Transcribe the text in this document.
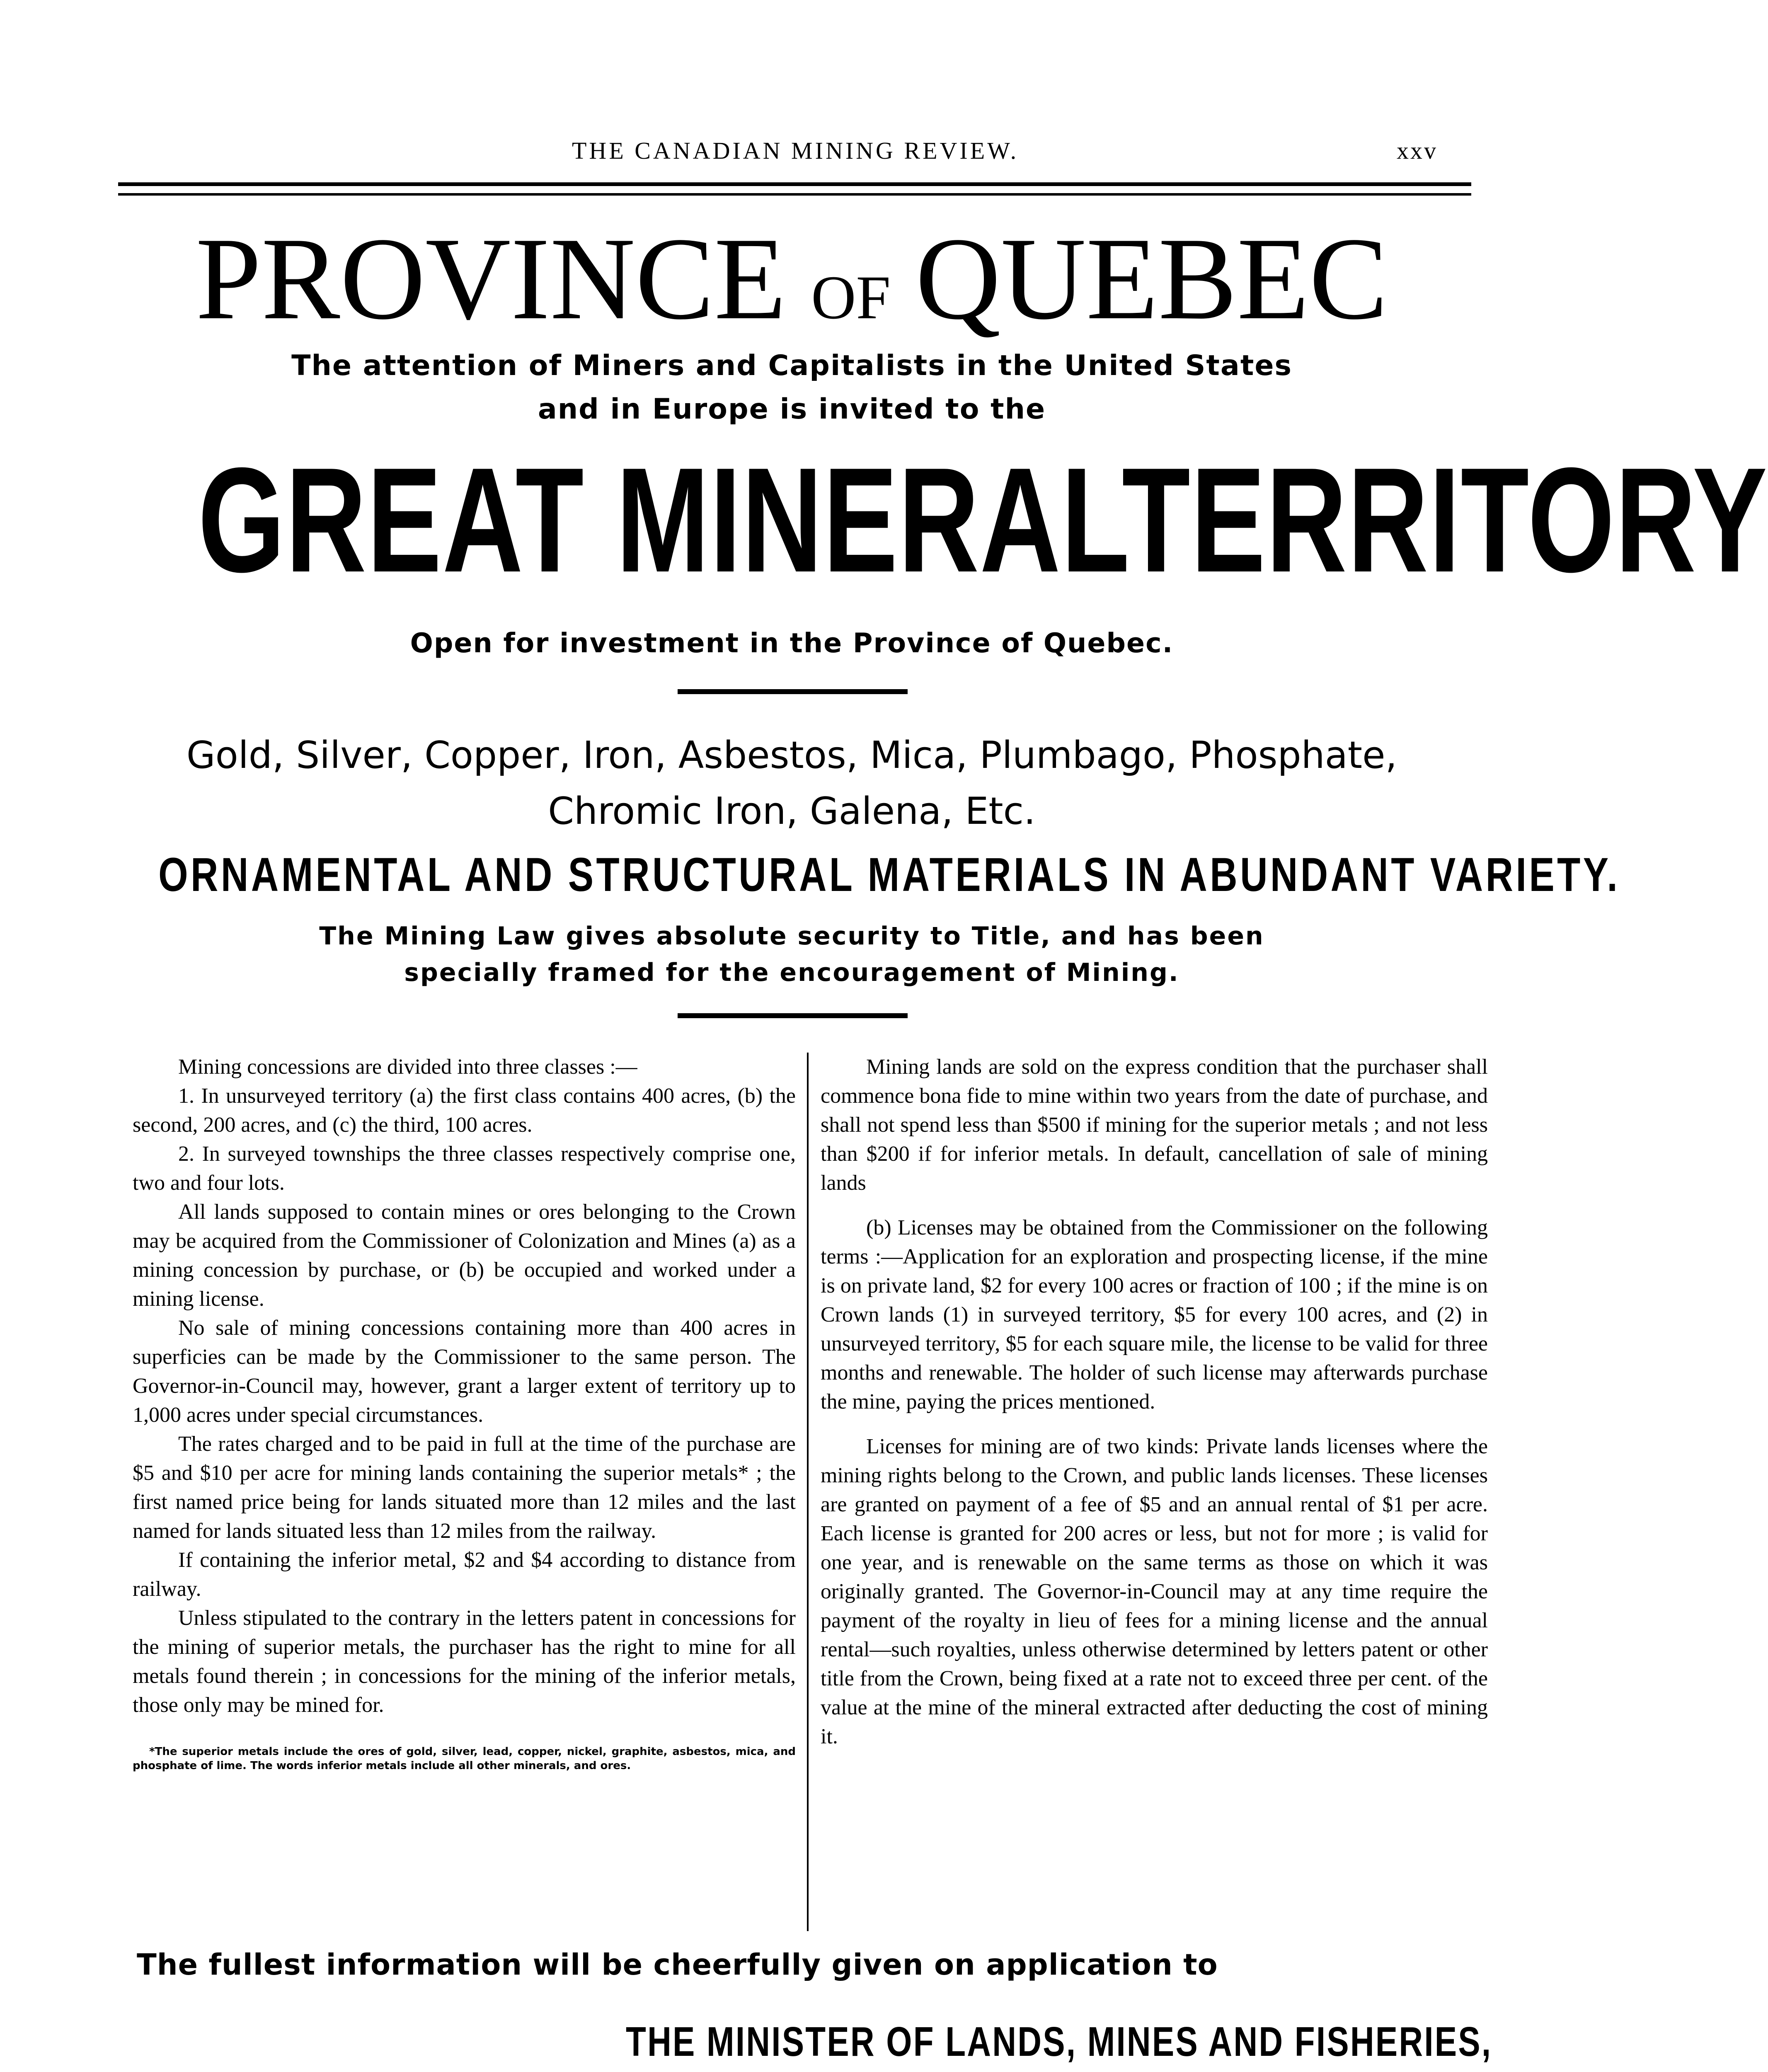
THE CANADIAN MINING REVIEW.	xxv
PROVINCE OF QUEBEC
The attention of Miners and Capitalists in the United States
and in Europe is invited to the
GREAT MINERALTERRITORY
Open for investment in the Province of Quebec.
Gold, Silver, Copper, Iron, Asbestos, Mica, Plumbago, Phosphate,
Chromic Iron, Galena, Etc.
ORNAMENTAL AND STRUCTURAL MATERIALS IN ABUNDANT VARIETY.
The Mining Law gives absolute security to Title, and has been
specially framed for the encouragement of Mining.

Mining concessions are divided into three classes :—

1. In unsurveyed territory (a) the first class contains 400 acres, (b) the second, 200 acres, and (c) the third, 100 acres.

2. In surveyed townships the three classes respectively comprise one, two and four lots.

All lands supposed to contain mines or ores belonging to the Crown may be acquired from the Commissioner of Colonization and Mines (a) as a mining concession by purchase, or (b) be occupied and worked under a mining license.

No sale of mining concessions containing more than 400 acres in superficies can be made by the Commissioner to the same person. The Governor-in-Council may, however, grant a larger extent of territory up to 1,000 acres under special circumstances.

The rates charged and to be paid in full at the time of the purchase are $5 and $10 per acre for mining lands containing the superior metals* ; the first named price being for lands situated more than 12 miles and the last named for lands situated less than 12 miles from the railway.

If containing the inferior metal, $2 and $4 according to distance from railway.

Unless stipulated to the contrary in the letters patent in concessions for the mining of superior metals, the purchaser has the right to mine for all metals found therein ; in concessions for the mining of the inferior metals, those only may be mined for.

*The superior metals include the ores of gold, silver, lead, copper, nickel, graphite, asbestos, mica, and phosphate of lime. The words inferior metals include all other minerals, and ores.

Mining lands are sold on the express condition that the purchaser shall commence bona fide to mine within two years from the date of purchase, and shall not spend less than $500 if mining for the superior metals ; and not less than $200 if for inferior metals. In default, cancellation of sale of mining lands

(b) Licenses may be obtained from the Commissioner on the following terms :—Application for an exploration and prospecting license, if the mine is on private land, $2 for every 100 acres or fraction of 100 ; if the mine is on Crown lands (1) in surveyed territory, $5 for every 100 acres, and (2) in unsurveyed territory, $5 for each square mile, the license to be valid for three months and renewable. The holder of such license may afterwards purchase the mine, paying the prices mentioned.

Licenses for mining are of two kinds: Private lands licenses where the mining rights belong to the Crown, and public lands licenses. These licenses are granted on payment of a fee of $5 and an annual rental of $1 per acre. Each license is granted for 200 acres or less, but not for more ; is valid for one year, and is renewable on the same terms as those on which it was originally granted. The Governor-in-Council may at any time require the payment of the royalty in lieu of fees for a mining license and the annual rental—such royalties, unless otherwise determined by letters patent or other title from the Crown, being fixed at a rate not to exceed three per cent. of the value at the mine of the mineral extracted after deducting the cost of mining it.

The fullest information will be cheerfully given on application to
THE MINISTER OF LANDS, MINES AND FISHERIES,
